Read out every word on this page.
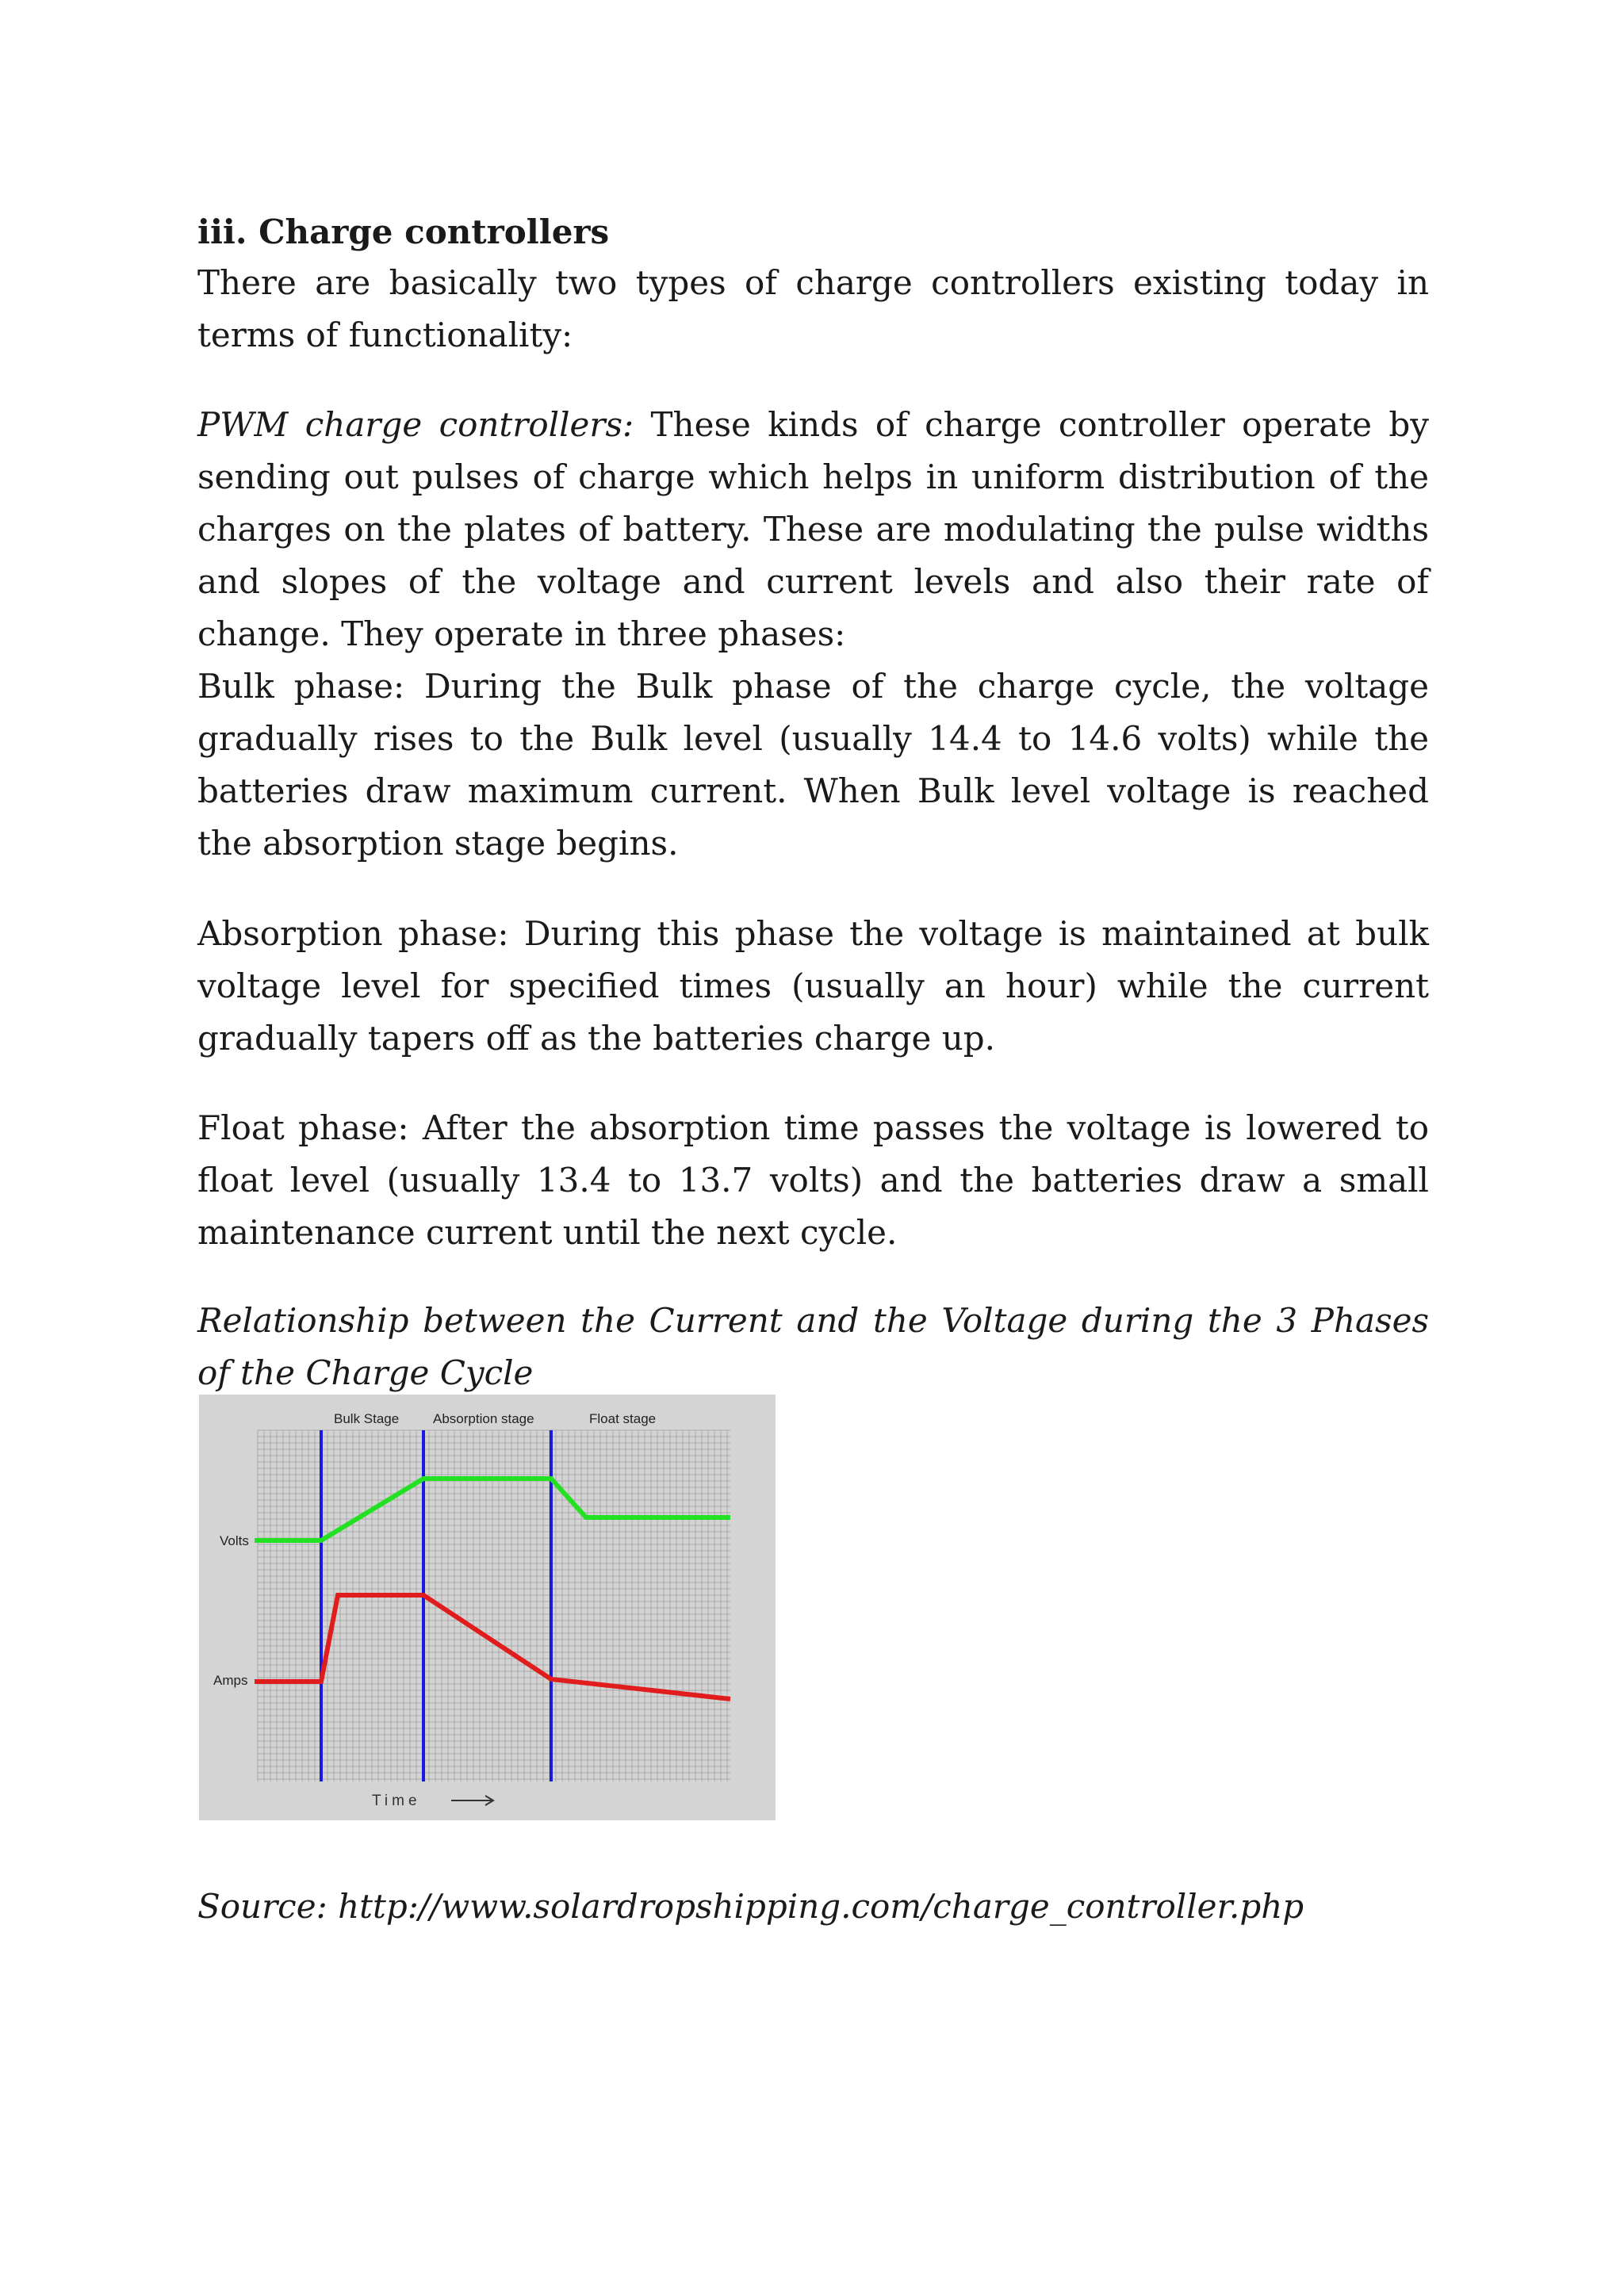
iii. Charge controllers

There are basically two types of charge controllers existing today in terms of functionality:

PWM charge controllers: These kinds of charge controller operate by sending out pulses of charge which helps in uniform distribution of the charges on the plates of battery. These are modulating the pulse widths and slopes of the voltage and current levels and also their rate of change. They operate in three phases:

Bulk phase: During the Bulk phase of the charge cycle, the voltage gradually rises to the Bulk level (usually 14.4 to 14.6 volts) while the batteries draw maximum current. When Bulk level voltage is reached the absorption stage begins.

Absorption phase: During this phase the voltage is maintained at bulk voltage level for specified times (usually an hour) while the current gradually tapers off as the batteries charge up.

Float phase: After the absorption time passes the voltage is lowered to float level (usually 13.4 to 13.7 volts) and the batteries draw a small maintenance current until the next cycle.

Relationship between the Current and the Voltage during the 3 Phases of the Charge Cycle

Bulk Stage	Absorption stage	Float stage
Volts
Amps
Time

Source: http://www.solardropshipping.com/charge_controller.php
